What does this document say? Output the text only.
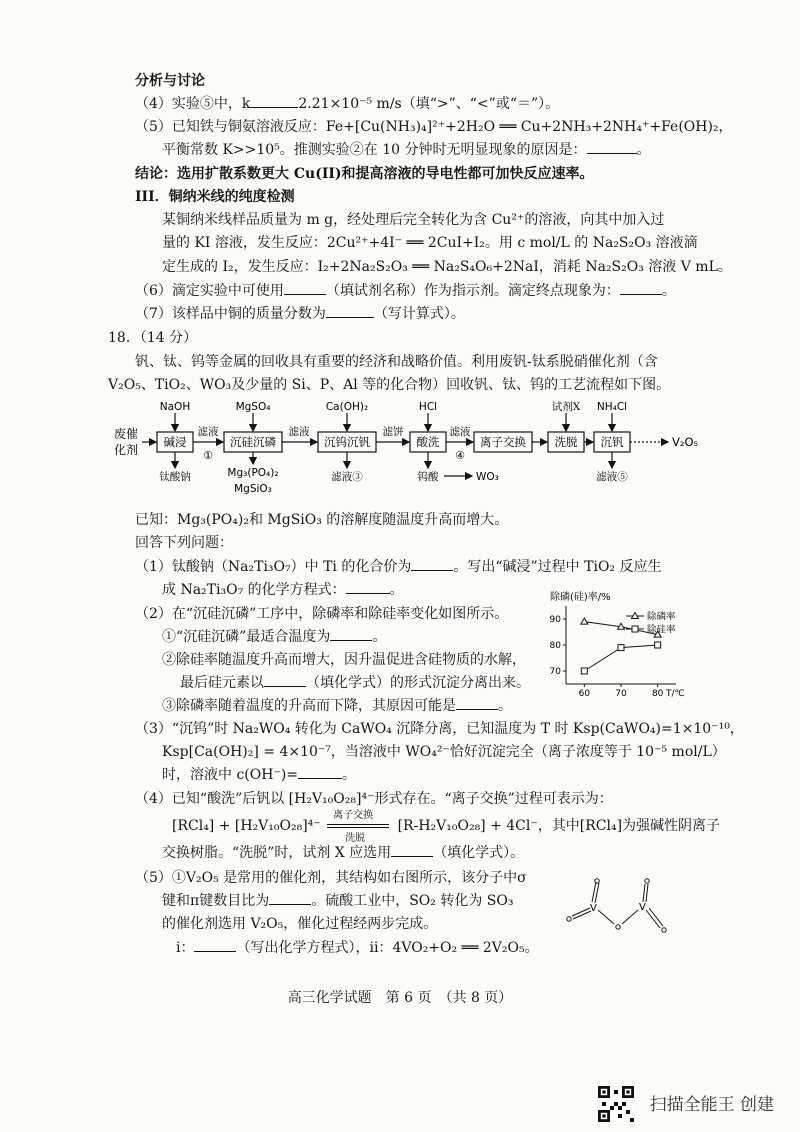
分析与讨论
（4）实验⑤中，k	2.21×10⁻⁵ m/s（填“>”、“<”或“＝”）。
（5）已知铁与铜氨溶液反应：Fe+[Cu(NH₃)₄]²⁺+2H₂O ══ Cu+2NH₃+2NH₄⁺+Fe(OH)₂，
平衡常数 K>>10⁵。推测实验②在 10 分钟时无明显现象的原因是：	。
结论：选用扩散系数更大 Cu(II)和提高溶液的导电性都可加快反应速率。
III．铜纳米线的纯度检测
某铜纳米线样品质量为 m g，经处理后完全转化为含 Cu²⁺的溶液，向其中加入过
量的 KI 溶液，发生反应：2Cu²⁺+4I⁻ ══ 2CuI+I₂。用 c mol/L 的 Na₂S₂O₃ 溶液滴
定生成的 I₂，发生反应：I₂+2Na₂S₂O₃ ══ Na₂S₄O₆+2NaI，消耗 Na₂S₂O₃ 溶液 V mL。
（6）滴定实验中可使用	（填试剂名称）作为指示剂。滴定终点现象为：	。
（7）该样品中铜的质量分数为	（写计算式）。
18．（14 分）
钒、钛、钨等金属的回收具有重要的经济和战略价值。利用废钒-钛系脱硝催化剂（含
V₂O₅、TiO₂、WO₃及少量的 Si、P、Al 等的化合物）回收钒、钛、钨的工艺流程如下图。
废催
化剂
碱浸	沉硅沉磷	沉钨沉钒	酸洗	离子交换 洗脱 沉钒	V₂O₅
滤液
①
滤液	滤饼	滤液
④
NaOH	MgSO₄	Ca(OH)₂	HCl	试剂X NH₄Cl
钛酸钠	Mg₃(PO₄)₂
MgSiO₃
滤液③	钨酸	WO₃	滤液⑤
已知：Mg₃(PO₄)₂和 MgSiO₃ 的溶解度随温度升高而增大。
回答下列问题：
（1）钛酸钠（Na₂Ti₃O₇）中 Ti 的化合价为	。写出“碱浸”过程中 TiO₂ 反应生
成 Na₂Ti₃O₇ 的化学方程式：	。
（2）在“沉硅沉磷”工序中，除磷率和除硅率变化如图所示。
①“沉硅沉磷”最适合温度为	。
②除硅率随温度升高而增大，因升温促进含硅物质的水解，
最后硅元素以	（填化学式）的形式沉淀分离出来。
③除磷率随着温度的升高而下降，其原因可能是	。
除磷(硅)率/%
T/℃
60	70	80
70
80
90	除磷率
除硅率
（3）“沉钨”时 Na₂WO₄ 转化为 CaWO₄ 沉降分离，已知温度为 T 时 Ksp(CaWO₄)=1×10⁻¹⁰，
Ksp[Ca(OH)₂] = 4×10⁻⁷，当溶液中 WO₄²⁻恰好沉淀完全（离子浓度等于 10⁻⁵ mol/L）
时，溶液中 c(OH⁻)=	。
（4）已知“酸洗”后钒以 [H₂V₁₀O₂₈]⁴⁻形式存在。“离子交换”过程可表示为：
[RCl₄] + [H₂V₁₀O₂₈]⁴⁻
离子交换
洗脱
[R-H₂V₁₀O₂₈] + 4Cl⁻，其中[RCl₄]为强碱性阴离子
交换树脂。“洗脱”时，试剂 X 应选用	（填化学式）。
（5）①V₂O₅ 是常用的催化剂，其结构如右图所示，该分子中σ
键和π键数目比为	。硫酸工业中，SO₂ 转化为 SO₃
的催化剂选用 V₂O₅，催化过程经两步完成。
i：	（写出化学方程式），ii：4VO₂+O₂ ══ 2V₂O₅。
V	V
高三化学试题　第 6 页　（共 8 页）
扫描全能王 创建
